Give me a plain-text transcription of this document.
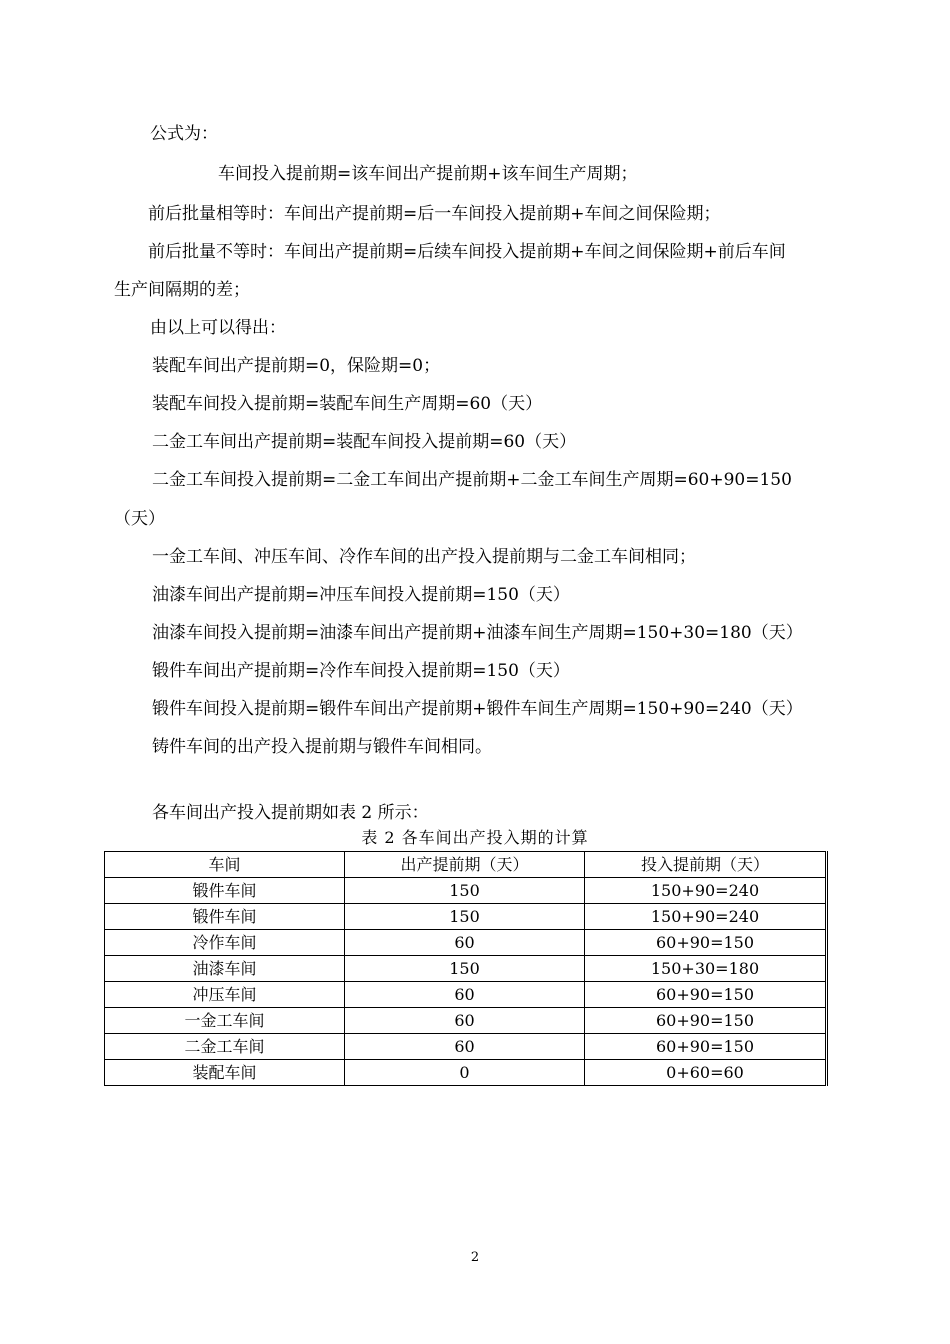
公式为：
车间投入提前期=该车间出产提前期+该车间生产周期；
前后批量相等时：车间出产提前期=后一车间投入提前期+车间之间保险期；
前后批量不等时：车间出产提前期=后续车间投入提前期+车间之间保险期+前后车间
生产间隔期的差；
由以上可以得出：
装配车间出产提前期=0，保险期=0；
装配车间投入提前期=装配车间生产周期=60（天）
二金工车间出产提前期=装配车间投入提前期=60（天）
二金工车间投入提前期=二金工车间出产提前期+二金工车间生产周期=60+90=150
（天）
一金工车间、冲压车间、冷作车间的出产投入提前期与二金工车间相同；
油漆车间出产提前期=冲压车间投入提前期=150（天）
油漆车间投入提前期=油漆车间出产提前期+油漆车间生产周期=150+30=180（天）
锻件车间出产提前期=冷作车间投入提前期=150（天）
锻件车间投入提前期=锻件车间出产提前期+锻件车间生产周期=150+90=240（天）
铸件车间的出产投入提前期与锻件车间相同。
各车间出产投入提前期如表 2 所示：
表 2 各车间出产投入期的计算
车间	出产提前期（天）	投入提前期（天）
锻件车间	150	150+90=240
锻件车间	150	150+90=240
冷作车间	60	60+90=150
油漆车间	150	150+30=180
冲压车间	60	60+90=150
一金工车间	60	60+90=150
二金工车间	60	60+90=150
装配车间	0	0+60=60
2
